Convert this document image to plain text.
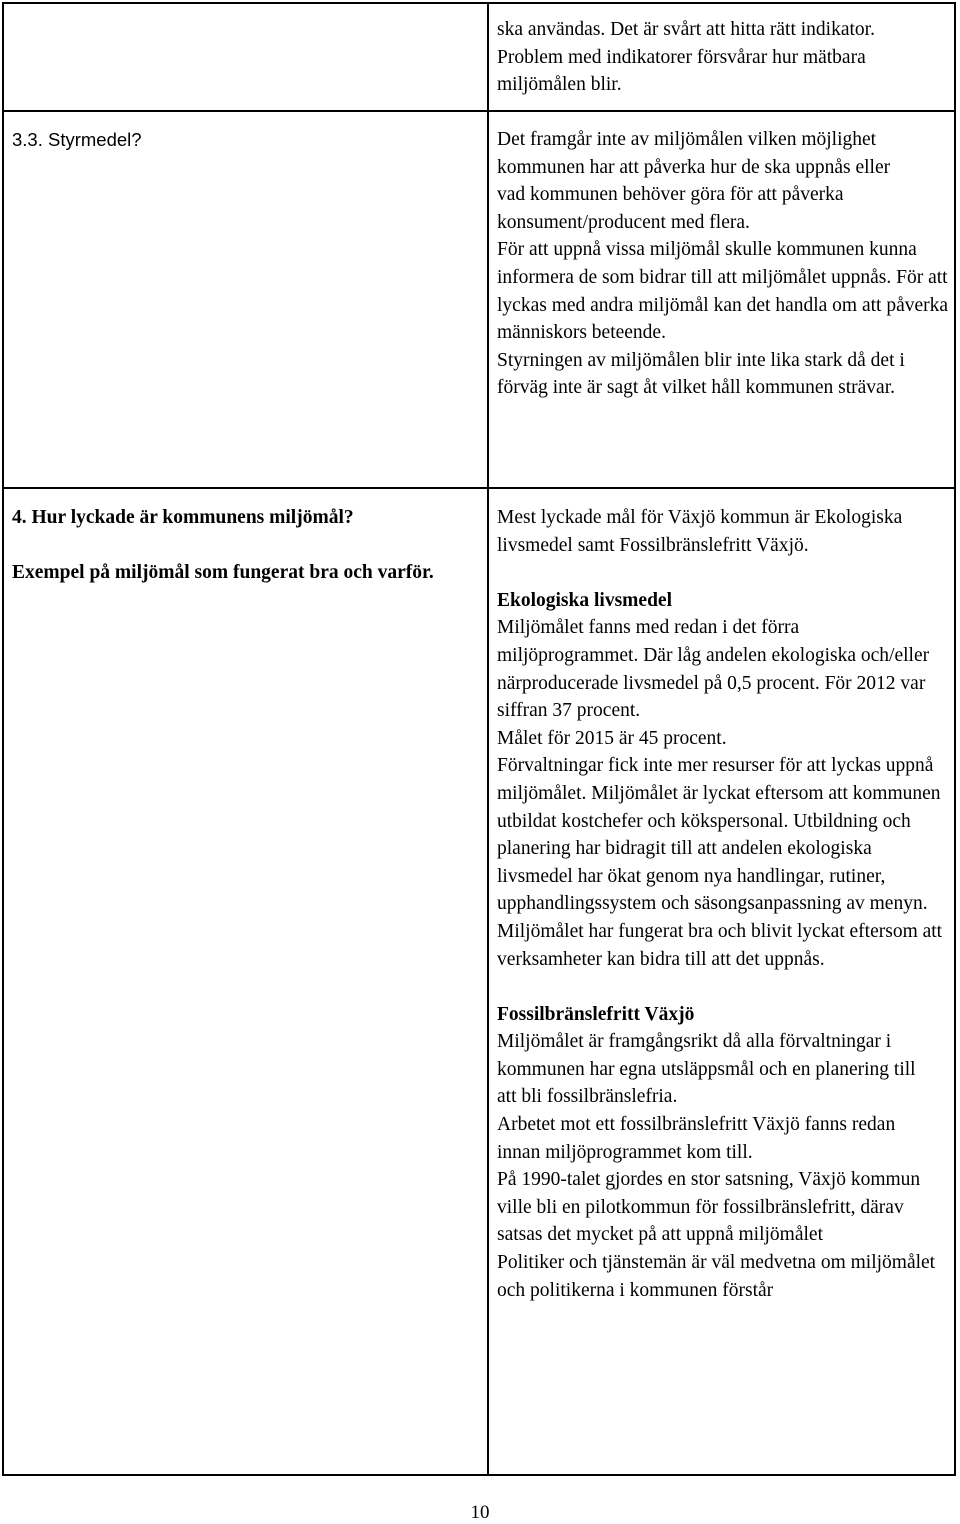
ska användas. Det är svårt att hitta rätt indikator. Problem med indikatorer försvårar hur mätbara miljömålen blir.

3.3. Styrmedel?	Det framgår inte av miljömålen vilken möjlighet kommunen har att påverka hur de ska uppnås eller vad kommunen behöver göra för att påverka konsument/producent med flera.

För att uppnå vissa miljömål skulle kommunen kunna informera de som bidrar till att miljömålet uppnås. För att lyckas med andra miljömål kan det handla om att påverka människors beteende.

Styrningen av miljömålen blir inte lika stark då det i förväg inte är sagt åt vilket håll kommunen strävar.

4. Hur lyckade är kommunens miljömål?

Exempel på miljömål som fungerat bra och varför.

Mest lyckade mål för Växjö kommun är Ekologiska livsmedel samt Fossilbränslefritt Växjö.

Ekologiska livsmedel

Miljömålet fanns med redan i det förra miljöprogrammet. Där låg andelen ekologiska och/eller närproducerade livsmedel på 0,5 procent. För 2012 var siffran 37 procent.

Målet för 2015 är 45 procent.

Förvaltningar fick inte mer resurser för att lyckas uppnå miljömålet. Miljömålet är lyckat eftersom att kommunen utbildat kostchefer och kökspersonal. Utbildning och planering har bidragit till att andelen ekologiska livsmedel har ökat genom nya handlingar, rutiner, upphandlingssystem och säsongsanpassning av menyn.

Miljömålet har fungerat bra och blivit lyckat eftersom att verksamheter kan bidra till att det uppnås.

Fossilbränslefritt Växjö

Miljömålet är framgångsrikt då alla förvaltningar i kommunen har egna utsläppsmål och en planering till att bli fossilbränslefria.

Arbetet mot ett fossilbränslefritt Växjö fanns redan innan miljöprogrammet kom till.

På 1990-talet gjordes en stor satsning, Växjö kommun ville bli en pilotkommun för fossilbränslefritt, därav satsas det mycket på att uppnå miljömålet

Politiker och tjänstemän är väl medvetna om miljömålet och politikerna i kommunen förstår

10
